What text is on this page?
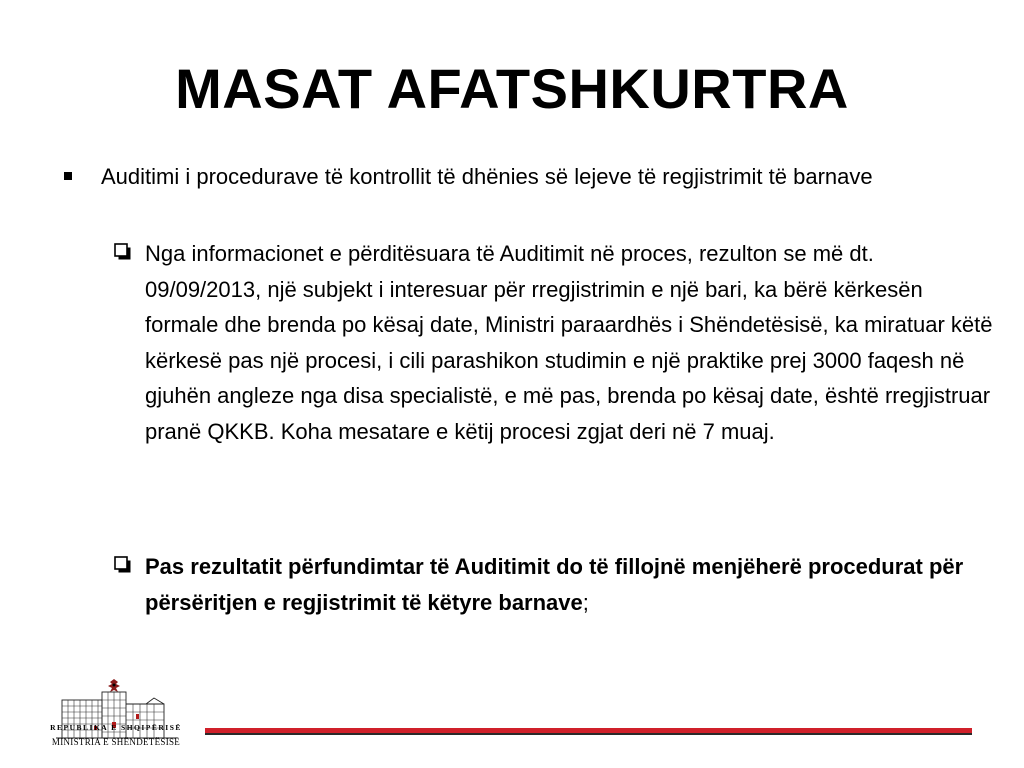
MASAT AFATSHKURTRA
Auditimi i procedurave të kontrollit të dhënies së lejeve të regjistrimit të barnave
Nga informacionet e përditësuara të Auditimit në proces, rezulton se më dt. 09/09/2013, një subjekt i interesuar për rregjistrimin e një bari, ka bërë kërkesën formale dhe brenda po kësaj date, Ministri paraardhës i Shëndetësisë, ka miratuar këtë kërkesë pas një procesi, i cili parashikon studimin e një praktike prej 3000 faqesh në gjuhën angleze nga disa specialistë, e më pas, brenda po kësaj date, është rregjistruar pranë QKKB. Koha mesatare e këtij procesi zgjat deri në 7 muaj.
Pas rezultatit përfundimtar të Auditimit do të fillojnë menjëherë procedurat për përsëritjen e regjistrimit të këtyre barnave;
REPUBLIKA E SHQIPËRISË
MINISTRIA E SHËNDETËSISË
